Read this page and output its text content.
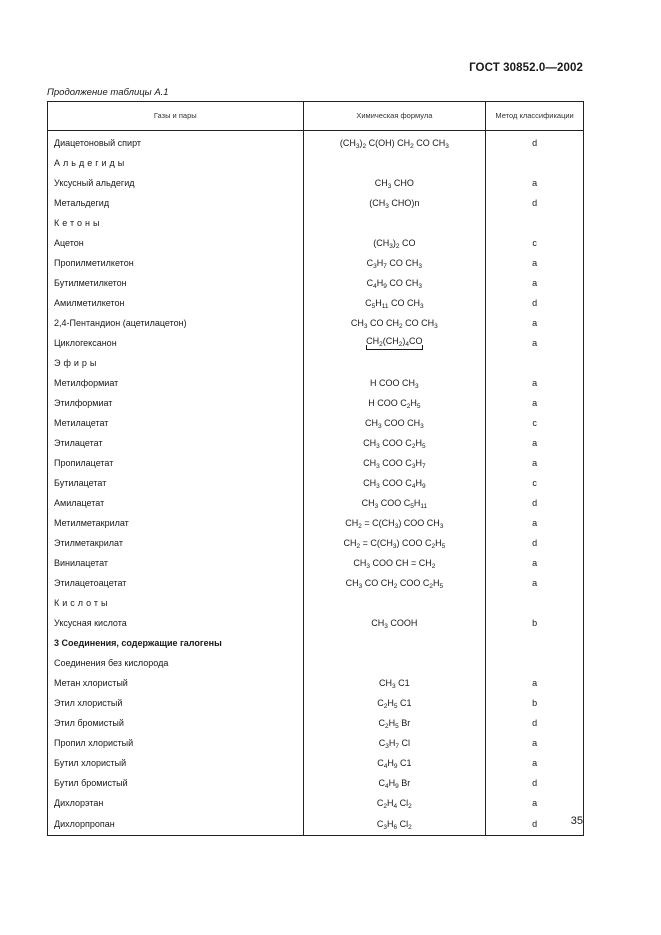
ГОСТ 30852.0—2002
Продолжение таблицы А.1
Газы и пары	Химическая формула	Метод классификации
Диацетоновый спирт	$(CH_3)_2$ C(OH) $CH_2$ CO $CH_3$	d
Альдегиды		
Уксусный альдегид	$CH_3$ CHO	a
Метальдегид	($CH_3$ CHO)n	d
Кетоны		
Ацетон	$(CH_3)_2$ CO	c
Пропилметилкетон	$C_3H_7$ CO $CH_3$	a
Бутилметилкетон	$C_4H_9$ CO $CH_3$	a
Амилметилкетон	$C_5H_{11}$ CO $CH_3$	d
2,4-Пентандион (ацетилацетон)	$CH_3$ CO $CH_2$ CO $CH_3$	a
Циклогексанон	$CH_2(CH_2)_4CO$	a
Эфиры		
Метилформиат	H COO $CH_3$	a
Этилформиат	H COO $C_2H_5$	a
Метилацетат	$CH_3$ COO $CH_3$	c
Этилацетат	$CH_3$ COO $C_2H_5$	a
Пропилацетат	$CH_3$ COO $C_3H_7$	a
Бутилацетат	$CH_3$ COO $C_4H_9$	c
Амилацетат	$CH_3$ COO $C_5H_{11}$	d
Метилметакрилат	$CH_2 = C(CH_3)$ COO $CH_3$	a
Этилметакрилат	$CH_2 = C(CH_3)$ COO $C_2H_5$	d
Винилацетат	$CH_3$ COO CH = $CH_2$	a
Этилацетоацетат	$CH_3$ CO $CH_2$ COO $C_2H_5$	a
Кислоты		
Уксусная кислота	$CH_3$ COOH	b
3 Соединения, содержащие галогены		
Соединения без кислорода		
Метан хлористый	$CH_3$ C1	a
Этил хлористый	$C_2H_5$ C1	b
Этил бромистый	$C_2H_5$ Br	d
Пропил хлористый	$C_3H_7$ Cl	a
Бутил хлористый	$C_4H_9$ C1	a
Бутил бромистый	$C_4H_9$ Br	d
Дихлорэтан	$C_2H_4$ $Cl_2$	a
Дихлорпропан	$C_3H_6$ $Cl_2$	d	35
